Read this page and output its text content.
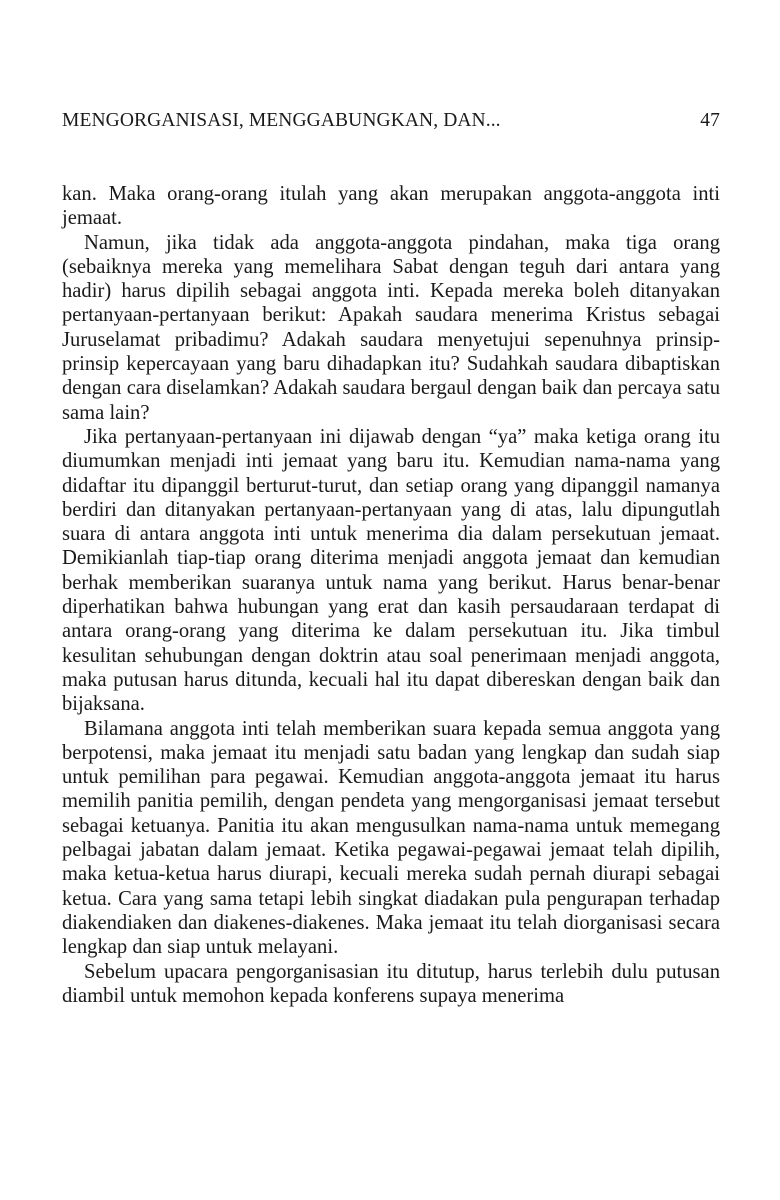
MENGORGANISASI, MENGGABUNGKAN, DAN...	47

kan. Maka orang-orang itulah yang akan merupakan anggota-anggota inti jemaat.

Namun, jika tidak ada anggota-anggota pindahan, maka tiga orang (sebaiknya mereka yang memelihara Sabat dengan teguh dari antara yang hadir) harus dipilih sebagai anggota inti. Kepada mereka boleh ditanyakan pertanyaan-pertanyaan berikut: Apakah saudara menerima Kristus sebagai Juruselamat pribadimu? Adakah saudara menyetujui sepenuhnya prinsip-prinsip kepercayaan yang baru dihadapkan itu? Sudahkah saudara dibaptiskan dengan cara diselamkan? Adakah saudara bergaul dengan baik dan percaya satu sama lain?

Jika pertanyaan-pertanyaan ini dijawab dengan “ya” maka ketiga orang itu diumumkan menjadi inti jemaat yang baru itu. Kemudian nama-nama yang didaftar itu dipanggil berturut-turut, dan setiap orang yang dipanggil namanya berdiri dan ditanyakan pertanyaan-pertanyaan yang di atas, lalu dipungutlah suara di antara anggota inti untuk menerima dia dalam persekutuan jemaat. Demikianlah tiap-tiap orang diterima menjadi anggota jemaat dan kemudian berhak memberikan suaranya untuk nama yang berikut. Harus benar-benar diperhatikan bahwa hubungan yang erat dan kasih persaudaraan terdapat di antara orang-orang yang diterima ke dalam persekutuan itu. Jika timbul kesulitan sehubungan dengan doktrin atau soal penerimaan menjadi anggota, maka putusan harus ditunda, kecuali hal itu dapat dibereskan dengan baik dan bijaksana.

Bilamana anggota inti telah memberikan suara kepada semua anggota yang berpotensi, maka jemaat itu menjadi satu badan yang lengkap dan sudah siap untuk pemilihan para pegawai. Kemudian anggota-anggota jemaat itu harus memilih panitia pemilih, dengan pendeta yang mengorganisasi jemaat tersebut sebagai ketuanya. Panitia itu akan mengusulkan nama-nama untuk memegang pelbagai jabatan dalam jemaat. Ketika pegawai-pegawai jemaat telah dipilih, maka ketua-ketua harus diurapi, kecuali mereka sudah pernah diurapi sebagai ketua. Cara yang sama tetapi lebih singkat diadakan pula pengurapan terhadap diakendiaken dan diakenes-diakenes. Maka jemaat itu telah diorganisasi secara lengkap dan siap untuk melayani.

Sebelum upacara pengorganisasian itu ditutup, harus terlebih dulu putusan diambil untuk memohon kepada konferens supaya menerima
